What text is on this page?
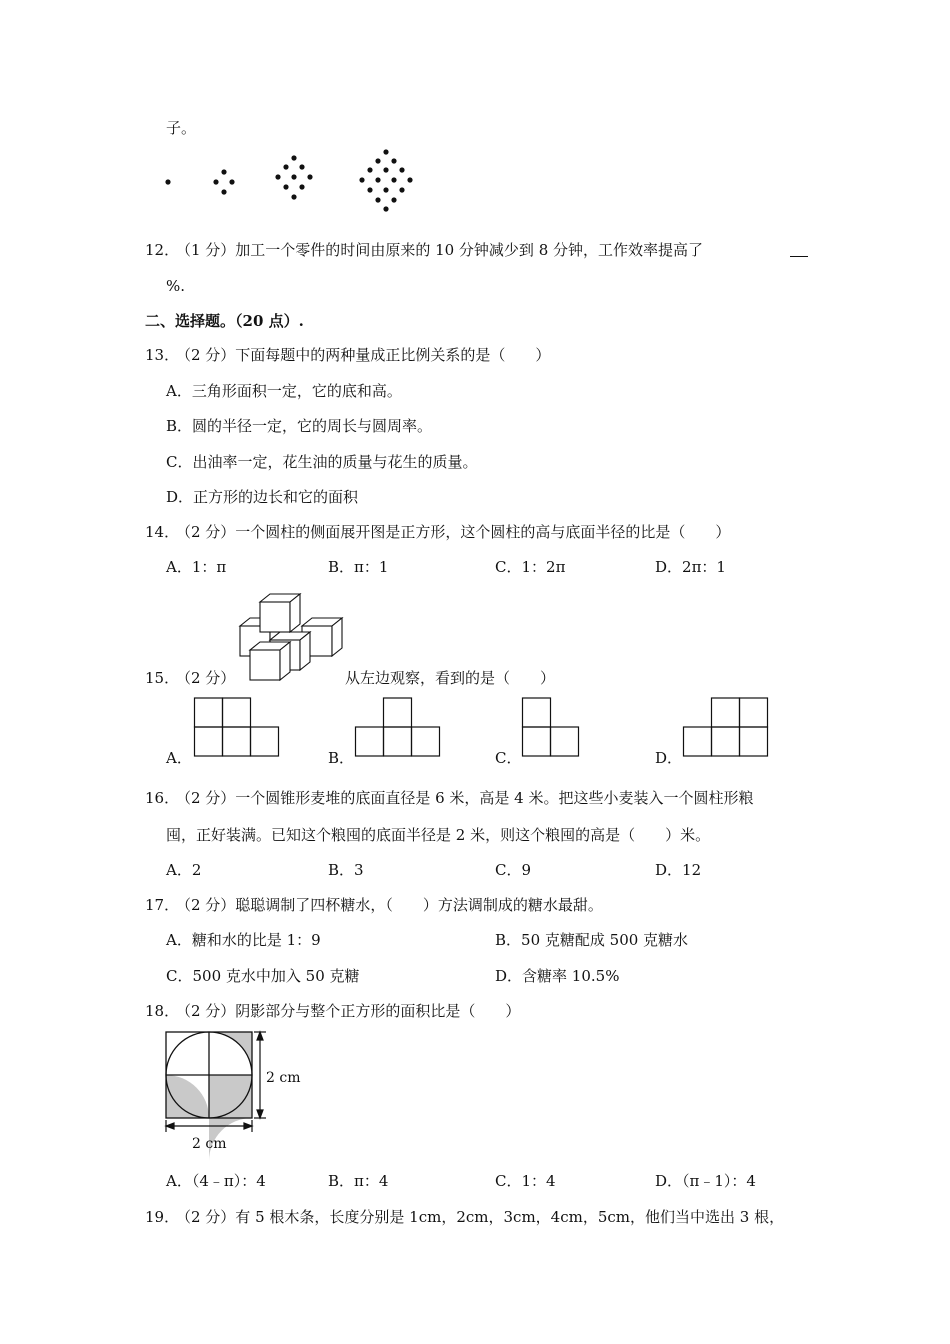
子。
12．
（1 分）加工一个零件的时间由原来的 10 分钟减少到 8 分钟，工作效率提高了
%.
二、选择题。（20 点）.
13．
（2 分）下面每题中的两种量成正比例关系的是（　　）
A．三角形面积一定，它的底和高。
B．圆的半径一定，它的周长与圆周率。
C．出油率一定，花生油的质量与花生的质量。
D．正方形的边长和它的面积
14．
（2 分）一个圆柱的侧面展开图是正方形，这个圆柱的高与底面半径的比是（　　）
A．1：π	B．π：1	C．1：2π	D．2π：1
15．
（2 分）	从左边观察，看到的是（　　）
A．	B．	C．	D．
16．
（2 分）一个圆锥形麦堆的底面直径是 6 米，高是 4 米。把这些小麦装入一个圆柱形粮
囤，正好装满。已知这个粮囤的底面半径是 2 米，则这个粮囤的高是（　　）米。
A．2	B．3	C．9	D．12
17．
（2 分）聪聪调制了四杯糖水，（　　）方法调制成的糖水最甜。
A．糖和水的比是 1：9	B．50 克糖配成 500 克糖水
C．500 克水中加入 50 克糖	D．含糖率 10.5%
18．
（2 分）阴影部分与整个正方形的面积比是（　　）
2 cm
2 cm
A．（4﹣π）：4	B．π：4	C．1：4	D．（π﹣1）：4
19．
（2 分）有 5 根木条，长度分别是 1cm，2cm，3cm，4cm，5cm，他们当中选出 3 根，
